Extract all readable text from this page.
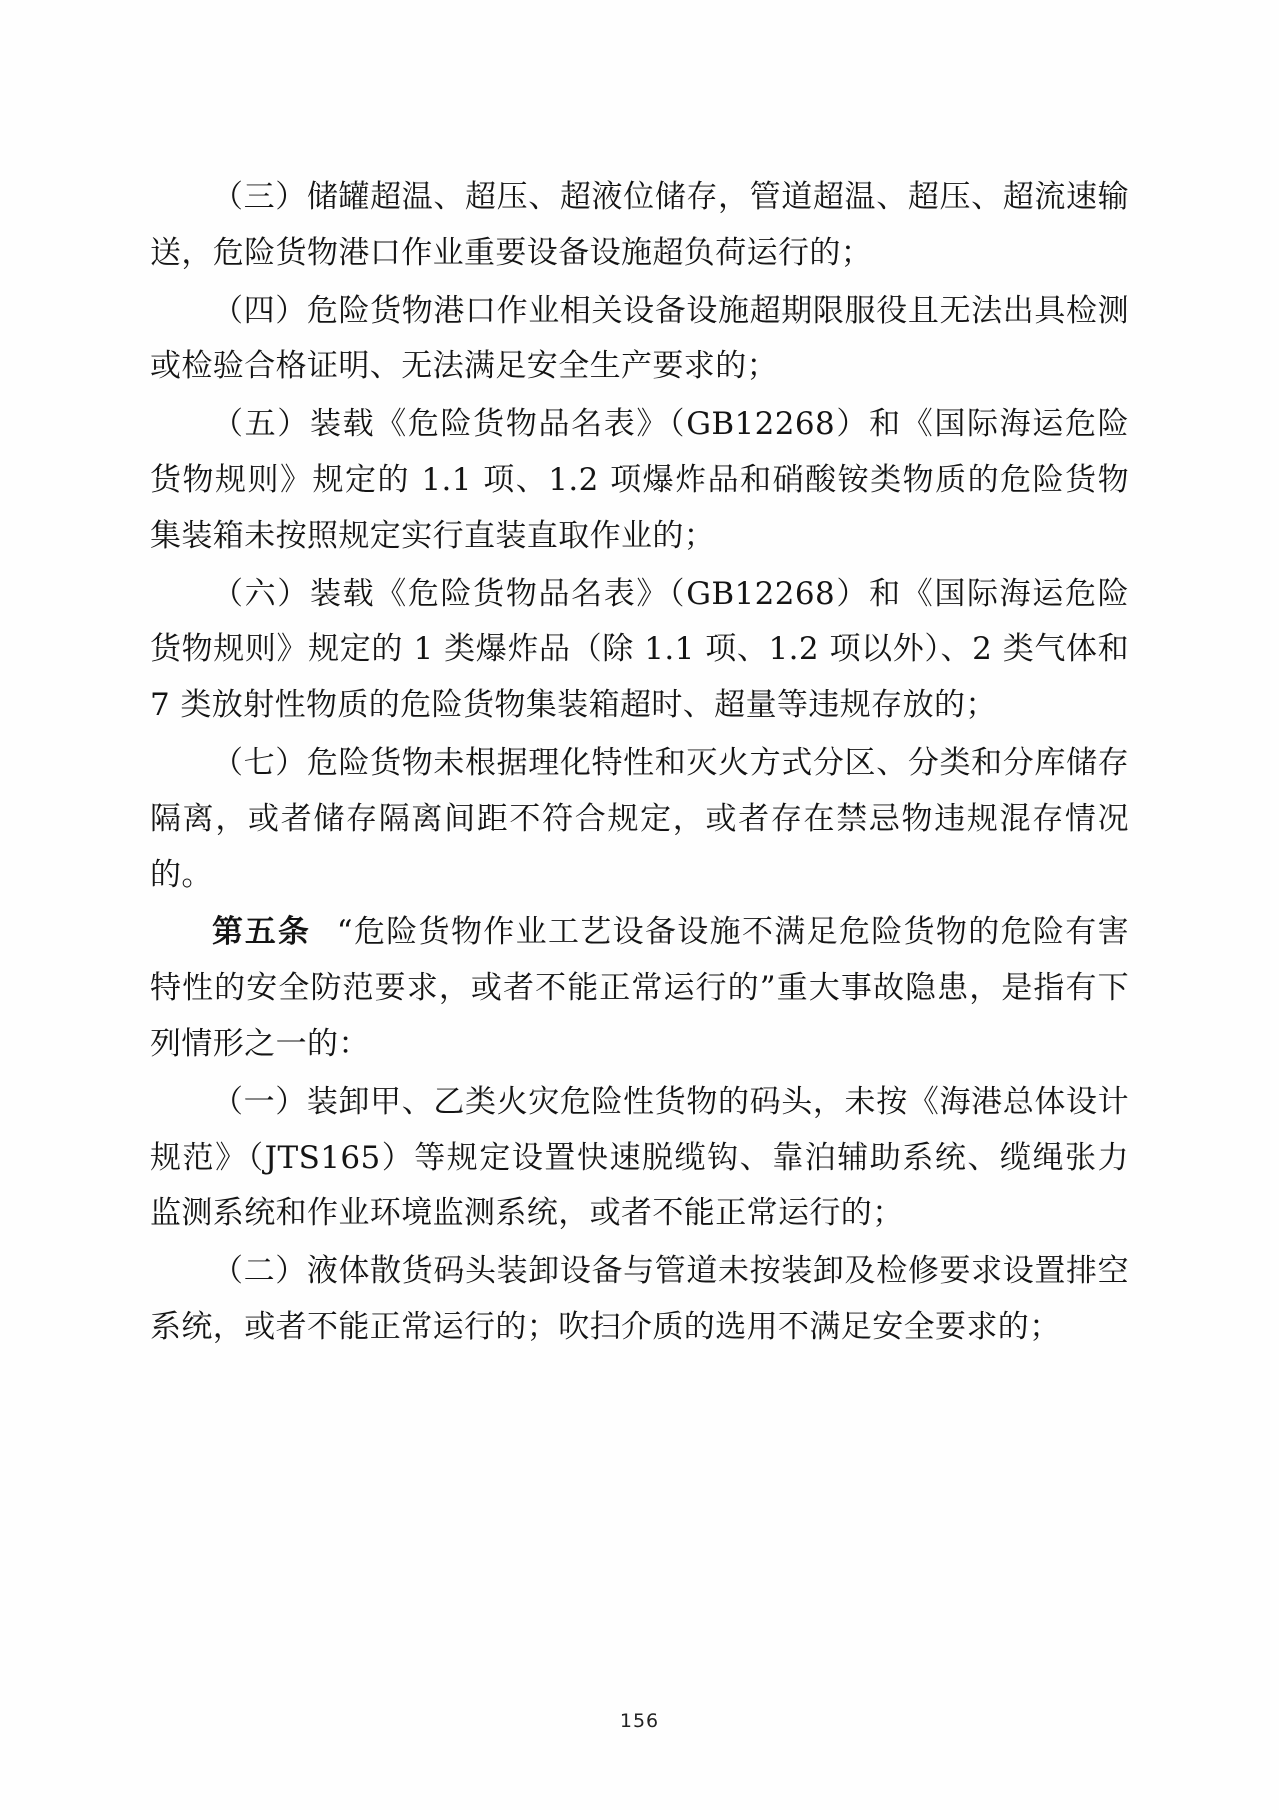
（三）储罐超温、超压、超液位储存，管道超温、超压、超流速输送，危险货物港口作业重要设备设施超负荷运行的；

（四）危险货物港口作业相关设备设施超期限服役且无法出具检测或检验合格证明、无法满足安全生产要求的；

（五）装载《危险货物品名表》（GB12268）和《国际海运危险货物规则》规定的 1.1 项、1.2 项爆炸品和硝酸铵类物质的危险货物集装箱未按照规定实行直装直取作业的；

（六）装载《危险货物品名表》（GB12268）和《国际海运危险货物规则》规定的 1 类爆炸品（除 1.1 项、1.2 项以外）、2 类气体和 7 类放射性物质的危险货物集装箱超时、超量等违规存放的；

（七）危险货物未根据理化特性和灭火方式分区、分类和分库储存隔离，或者储存隔离间距不符合规定，或者存在禁忌物违规混存情况的。

第五条 “危险货物作业工艺设备设施不满足危险货物的危险有害特性的安全防范要求，或者不能正常运行的”重大事故隐患，是指有下列情形之一的：

（一）装卸甲、乙类火灾危险性货物的码头，未按《海港总体设计规范》（JTS165）等规定设置快速脱缆钩、靠泊辅助系统、缆绳张力监测系统和作业环境监测系统，或者不能正常运行的；

（二）液体散货码头装卸设备与管道未按装卸及检修要求设置排空系统，或者不能正常运行的；吹扫介质的选用不满足安全要求的；

156
